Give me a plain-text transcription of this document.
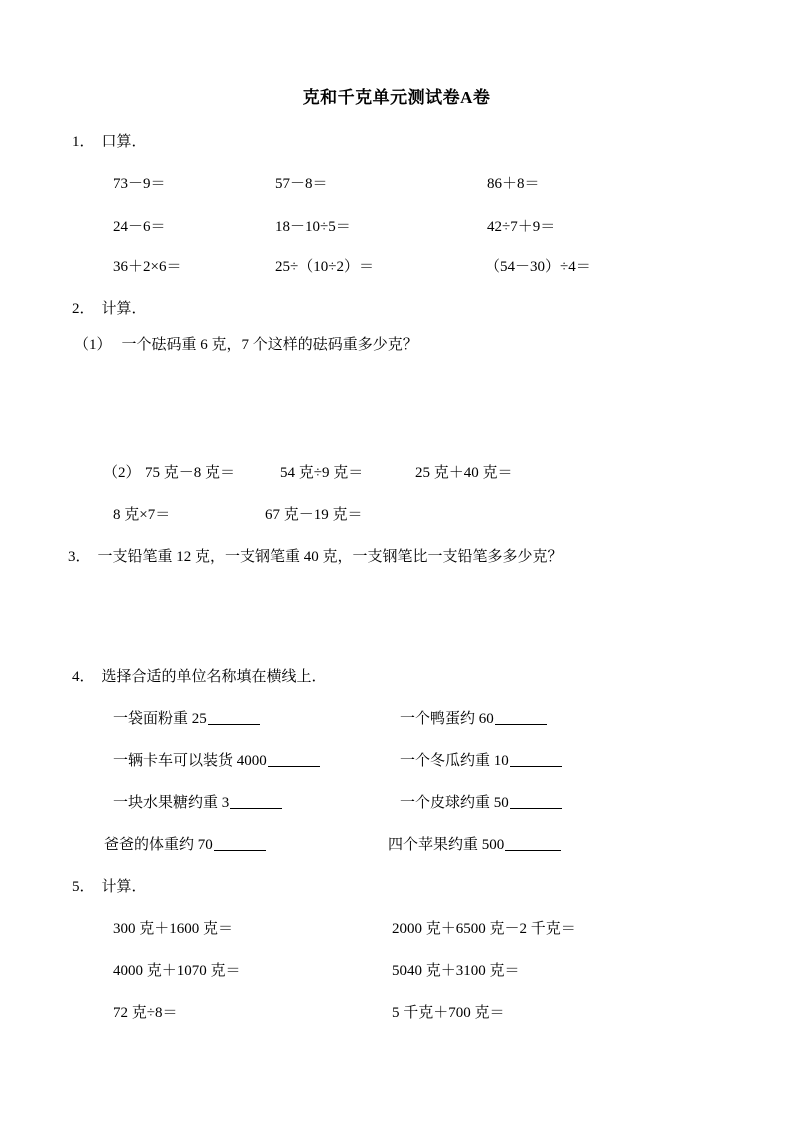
克和千克单元测试卷A卷
1． 口算．
73－9＝	57－8＝	86＋8＝
24－6＝	18－10÷5＝	42÷7＋9＝
36＋2×6＝	25÷（10÷2）＝	（54－30）÷4＝
2． 计算．
（1） 一个砝码重 6 克，7 个这样的砝码重多少克？
（2） 75 克－8 克＝	54 克÷9 克＝	25 克＋40 克＝
8 克×7＝	67 克－19 克＝
3． 一支铅笔重 12 克，一支钢笔重 40 克，一支钢笔比一支铅笔多多少克？
4． 选择合适的单位名称填在横线上．
一袋面粉重 25	一个鸭蛋约 60
一辆卡车可以装货 4000	一个冬瓜约重 10
一块水果糖约重 3	一个皮球约重 50
爸爸的体重约 70	四个苹果约重 500
5． 计算．
300 克＋1600 克＝	2000 克＋6500 克－2 千克＝
4000 克＋1070 克＝	5040 克＋3100 克＝
72 克÷8＝	5 千克＋700 克＝
